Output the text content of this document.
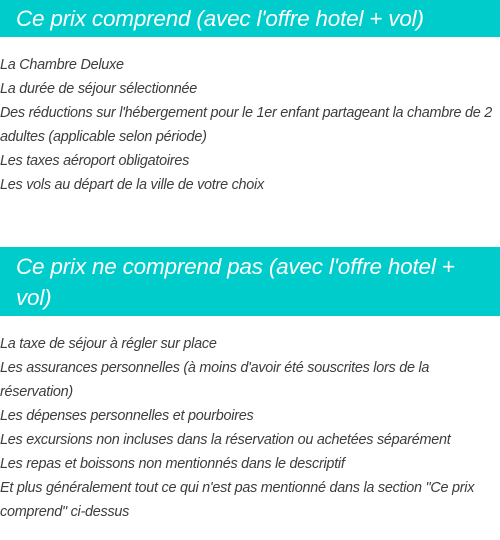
Ce prix comprend (avec l'offre hotel + vol)
La Chambre Deluxe
La durée de séjour sélectionnée
Des réductions sur l'hébergement pour le 1er enfant partageant la chambre de 2 adultes (applicable selon période)
Les taxes aéroport obligatoires
Les vols au départ de la ville de votre choix
Ce prix ne comprend pas (avec l'offre hotel + vol)
La taxe de séjour à régler sur place
Les assurances personnelles (à moins d'avoir été souscrites lors de la réservation)
Les dépenses personnelles et pourboires
Les excursions non incluses dans la réservation ou achetées séparément
Les repas et boissons non mentionnés dans le descriptif
Et plus généralement tout ce qui n'est pas mentionné dans la section "Ce prix comprend" ci-dessus
